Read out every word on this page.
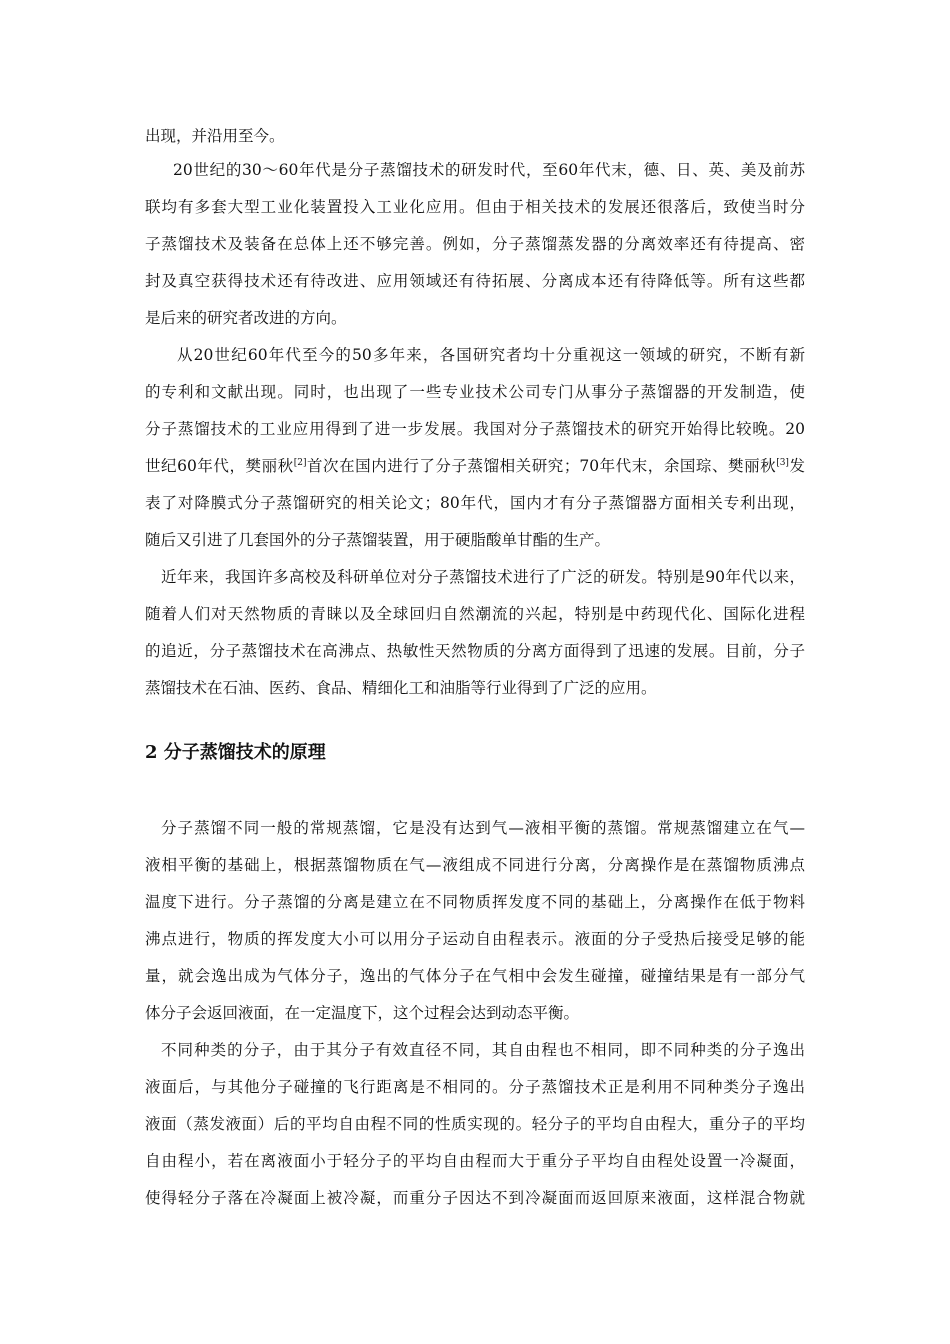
出现，并沿用至今。
20世纪的30～60年代是分子蒸馏技术的研发时代，至60年代末，德、日、英、美及前苏
联均有多套大型工业化装置投入工业化应用。但由于相关技术的发展还很落后，致使当时分
子蒸馏技术及装备在总体上还不够完善。例如，分子蒸馏蒸发器的分离效率还有待提高、密
封及真空获得技术还有待改进、应用领域还有待拓展、分离成本还有待降低等。所有这些都
是后来的研究者改进的方向。
从20世纪60年代至今的50多年来，各国研究者均十分重视这一领域的研究，不断有新
的专利和文献出现。同时，也出现了一些专业技术公司专门从事分子蒸馏器的开发制造，使
分子蒸馏技术的工业应用得到了进一步发展。我国对分子蒸馏技术的研究开始得比较晚。20
世纪60年代，樊丽秋[2]首次在国内进行了分子蒸馏相关研究；70年代末，余国琮、樊丽秋[3]发
表了对降膜式分子蒸馏研究的相关论文；80年代，国内才有分子蒸馏器方面相关专利出现，
随后又引进了几套国外的分子蒸馏装置，用于硬脂酸单甘酯的生产。
近年来，我国许多高校及科研单位对分子蒸馏技术进行了广泛的研发。特别是90年代以来，
随着人们对天然物质的青睐以及全球回归自然潮流的兴起，特别是中药现代化、国际化进程
的追近，分子蒸馏技术在高沸点、热敏性天然物质的分离方面得到了迅速的发展。目前，分子
蒸馏技术在石油、医药、食品、精细化工和油脂等行业得到了广泛的应用。
2 分子蒸馏技术的原理
分子蒸馏不同一般的常规蒸馏，它是没有达到气—液相平衡的蒸馏。常规蒸馏建立在气—
液相平衡的基础上，根据蒸馏物质在气—液组成不同进行分离，分离操作是在蒸馏物质沸点
温度下进行。分子蒸馏的分离是建立在不同物质挥发度不同的基础上，分离操作在低于物料
沸点进行，物质的挥发度大小可以用分子运动自由程表示。液面的分子受热后接受足够的能
量，就会逸出成为气体分子，逸出的气体分子在气相中会发生碰撞，碰撞结果是有一部分气
体分子会返回液面，在一定温度下，这个过程会达到动态平衡。
不同种类的分子，由于其分子有效直径不同，其自由程也不相同，即不同种类的分子逸出
液面后，与其他分子碰撞的飞行距离是不相同的。分子蒸馏技术正是利用不同种类分子逸出
液面（蒸发液面）后的平均自由程不同的性质实现的。轻分子的平均自由程大，重分子的平均
自由程小，若在离液面小于轻分子的平均自由程而大于重分子平均自由程处设置一冷凝面，
使得轻分子落在冷凝面上被冷凝，而重分子因达不到冷凝面而返回原来液面，这样混合物就
